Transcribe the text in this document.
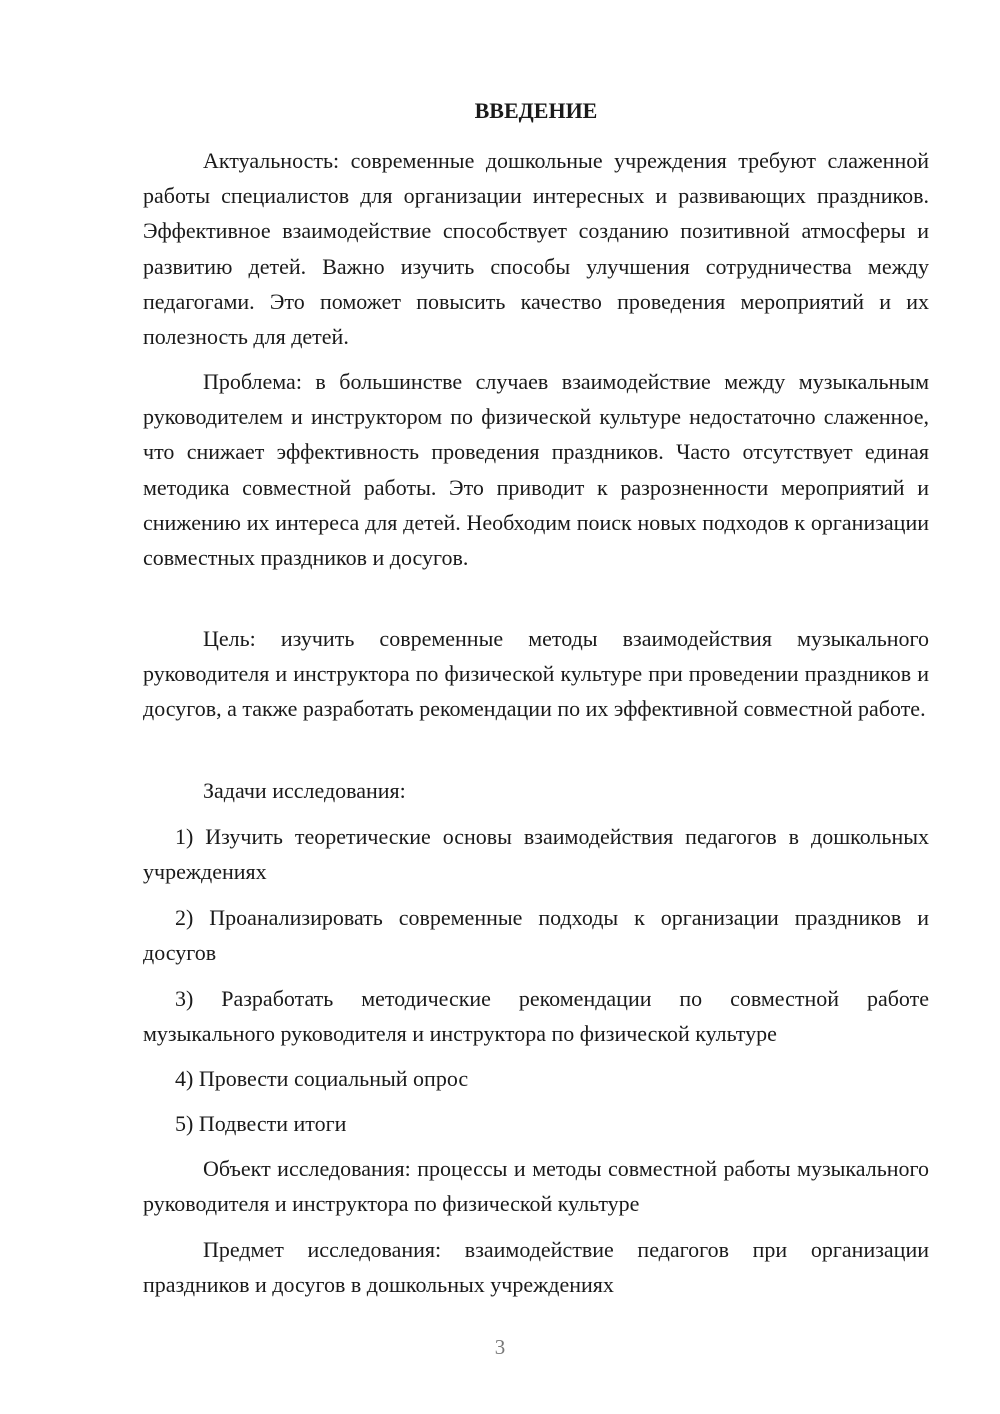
ВВЕДЕНИЕ

Актуальность: современные дошкольные учреждения требуют слаженной работы специалистов для организации интересных и развивающих праздников. Эффективное взаимодействие способствует созданию позитивной атмосферы и развитию детей. Важно изучить способы улучшения сотрудничества между педагогами. Это поможет повысить качество проведения мероприятий и их полезность для детей.

Проблема: в большинстве случаев взаимодействие между музыкальным руководителем и инструктором по физической культуре недостаточно слаженное, что снижает эффективность проведения праздников. Часто отсутствует единая методика совместной работы. Это приводит к разрозненности мероприятий и снижению их интереса для детей. Необходим поиск новых подходов к организации совместных праздников и досугов.

Цель: изучить современные методы взаимодействия музыкального руководителя и инструктора по физической культуре при проведении праздников и досугов, а также разработать рекомендации по их эффективной совместной работе.

Задачи исследования:

1) Изучить теоретические основы взаимодействия педагогов в дошкольных учреждениях

2) Проанализировать современные подходы к организации праздников и досугов

3) Разработать методические рекомендации по совместной работе музыкального руководителя и инструктора по физической культуре

4) Провести социальный опрос

5) Подвести итоги

Объект исследования: процессы и методы совместной работы музыкального руководителя и инструктора по физической культуре

Предмет исследования: взаимодействие педагогов при организации праздников и досугов в дошкольных учреждениях

3
